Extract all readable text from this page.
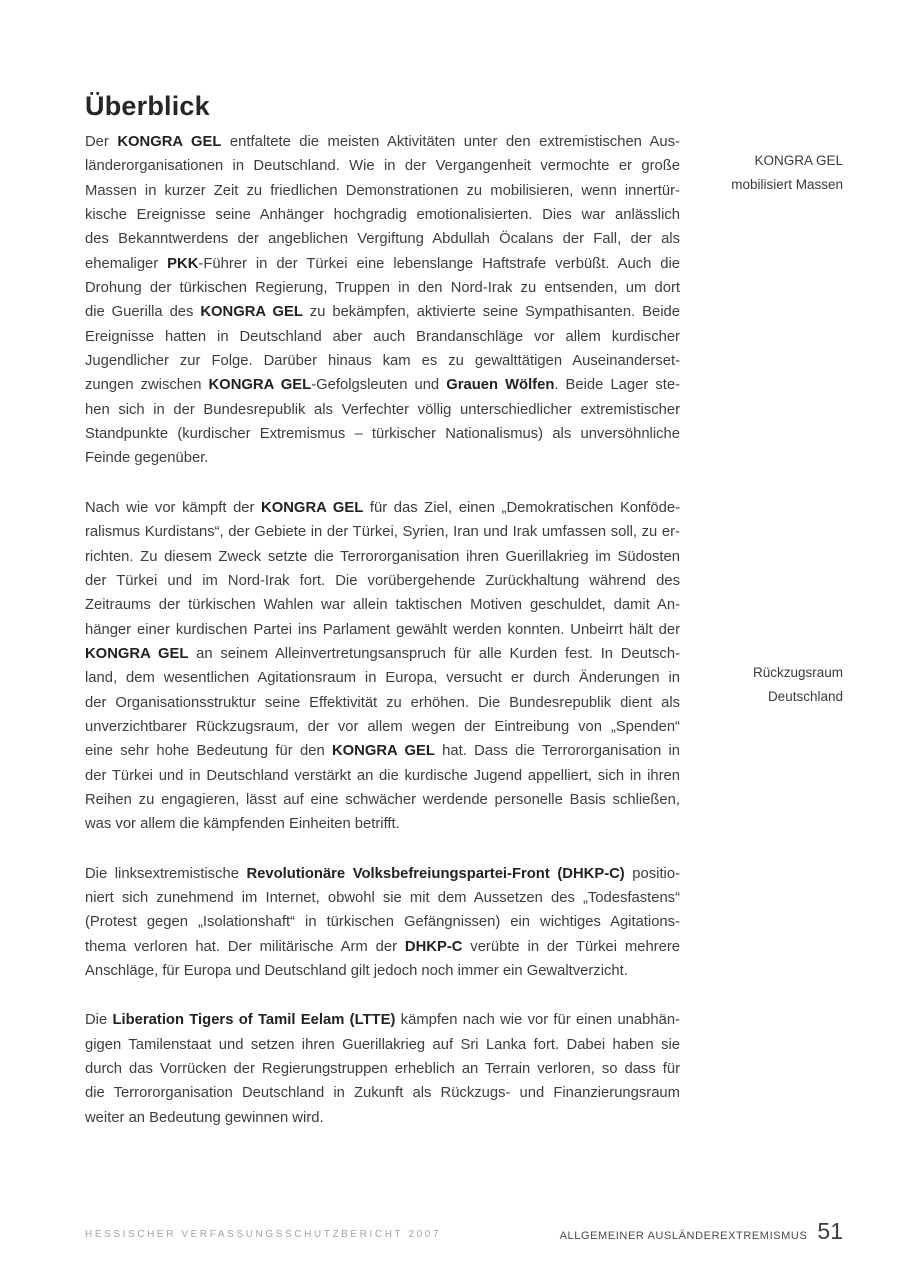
Überblick
Der KONGRA GEL entfaltete die meisten Aktivitäten unter den extremistischen Aus-
länderorganisationen in Deutschland. Wie in der Vergangenheit vermochte er große
Massen in kurzer Zeit zu friedlichen Demonstrationen zu mobilisieren, wenn innertür-
kische Ereignisse seine Anhänger hochgradig emotionalisierten. Dies war anlässlich
des Bekanntwerdens der angeblichen Vergiftung Abdullah Öcalans der Fall, der als
ehemaliger PKK-Führer in der Türkei eine lebenslange Haftstrafe verbüßt. Auch die
Drohung der türkischen Regierung, Truppen in den Nord-Irak zu entsenden, um dort
die Guerilla des KONGRA GEL zu bekämpfen, aktivierte seine Sympathisanten. Beide
Ereignisse hatten in Deutschland aber auch Brandanschläge vor allem kurdischer
Jugendlicher zur Folge. Darüber hinaus kam es zu gewalttätigen Auseinanderset-
zungen zwischen KONGRA GEL-Gefolgsleuten und Grauen Wölfen. Beide Lager ste-
hen sich in der Bundesrepublik als Verfechter völlig unterschiedlicher extremistischer
Standpunkte (kurdischer Extremismus – türkischer Nationalismus) als unversöhnliche
Feinde gegenüber.
Nach wie vor kämpft der KONGRA GEL für das Ziel, einen „Demokratischen Konföde-
ralismus Kurdistans“, der Gebiete in der Türkei, Syrien, Iran und Irak umfassen soll, zu er-
richten. Zu diesem Zweck setzte die Terrororganisation ihren Guerillakrieg im Südosten
der Türkei und im Nord-Irak fort. Die vorübergehende Zurückhaltung während des
Zeitraums der türkischen Wahlen war allein taktischen Motiven geschuldet, damit An-
hänger einer kurdischen Partei ins Parlament gewählt werden konnten. Unbeirrt hält der
KONGRA GEL an seinem Alleinvertretungsanspruch für alle Kurden fest. In Deutsch-
land, dem wesentlichen Agitationsraum in Europa, versucht er durch Änderungen in
der Organisationsstruktur seine Effektivität zu erhöhen. Die Bundesrepublik dient als
unverzichtbarer Rückzugsraum, der vor allem wegen der Eintreibung von „Spenden“
eine sehr hohe Bedeutung für den KONGRA GEL hat. Dass die Terrororganisation in
der Türkei und in Deutschland verstärkt an die kurdische Jugend appelliert, sich in ihren
Reihen zu engagieren, lässt auf eine schwächer werdende personelle Basis schließen,
was vor allem die kämpfenden Einheiten betrifft.
Die linksextremistische Revolutionäre Volksbefreiungspartei-Front (DHKP-C) positio-
niert sich zunehmend im Internet, obwohl sie mit dem Aussetzen des „Todesfastens“
(Protest gegen „Isolationshaft“ in türkischen Gefängnissen) ein wichtiges Agitations-
thema verloren hat. Der militärische Arm der DHKP-C verübte in der Türkei mehrere
Anschläge, für Europa und Deutschland gilt jedoch noch immer ein Gewaltverzicht.
Die Liberation Tigers of Tamil Eelam (LTTE) kämpfen nach wie vor für einen unabhän-
gigen Tamilenstaat und setzen ihren Guerillakrieg auf Sri Lanka fort. Dabei haben sie
durch das Vorrücken der Regierungstruppen erheblich an Terrain verloren, so dass für
die Terrororganisation Deutschland in Zukunft als Rückzugs- und Finanzierungsraum
weiter an Bedeutung gewinnen wird.
KONGRA GEL
mobilisiert Massen
Rückzugsraum
Deutschland
HESSISCHER VERFASSUNGSSCHUTZBERICHT 2007	ALLGEMEINER AUSLÄNDEREXTREMISMUS 51
